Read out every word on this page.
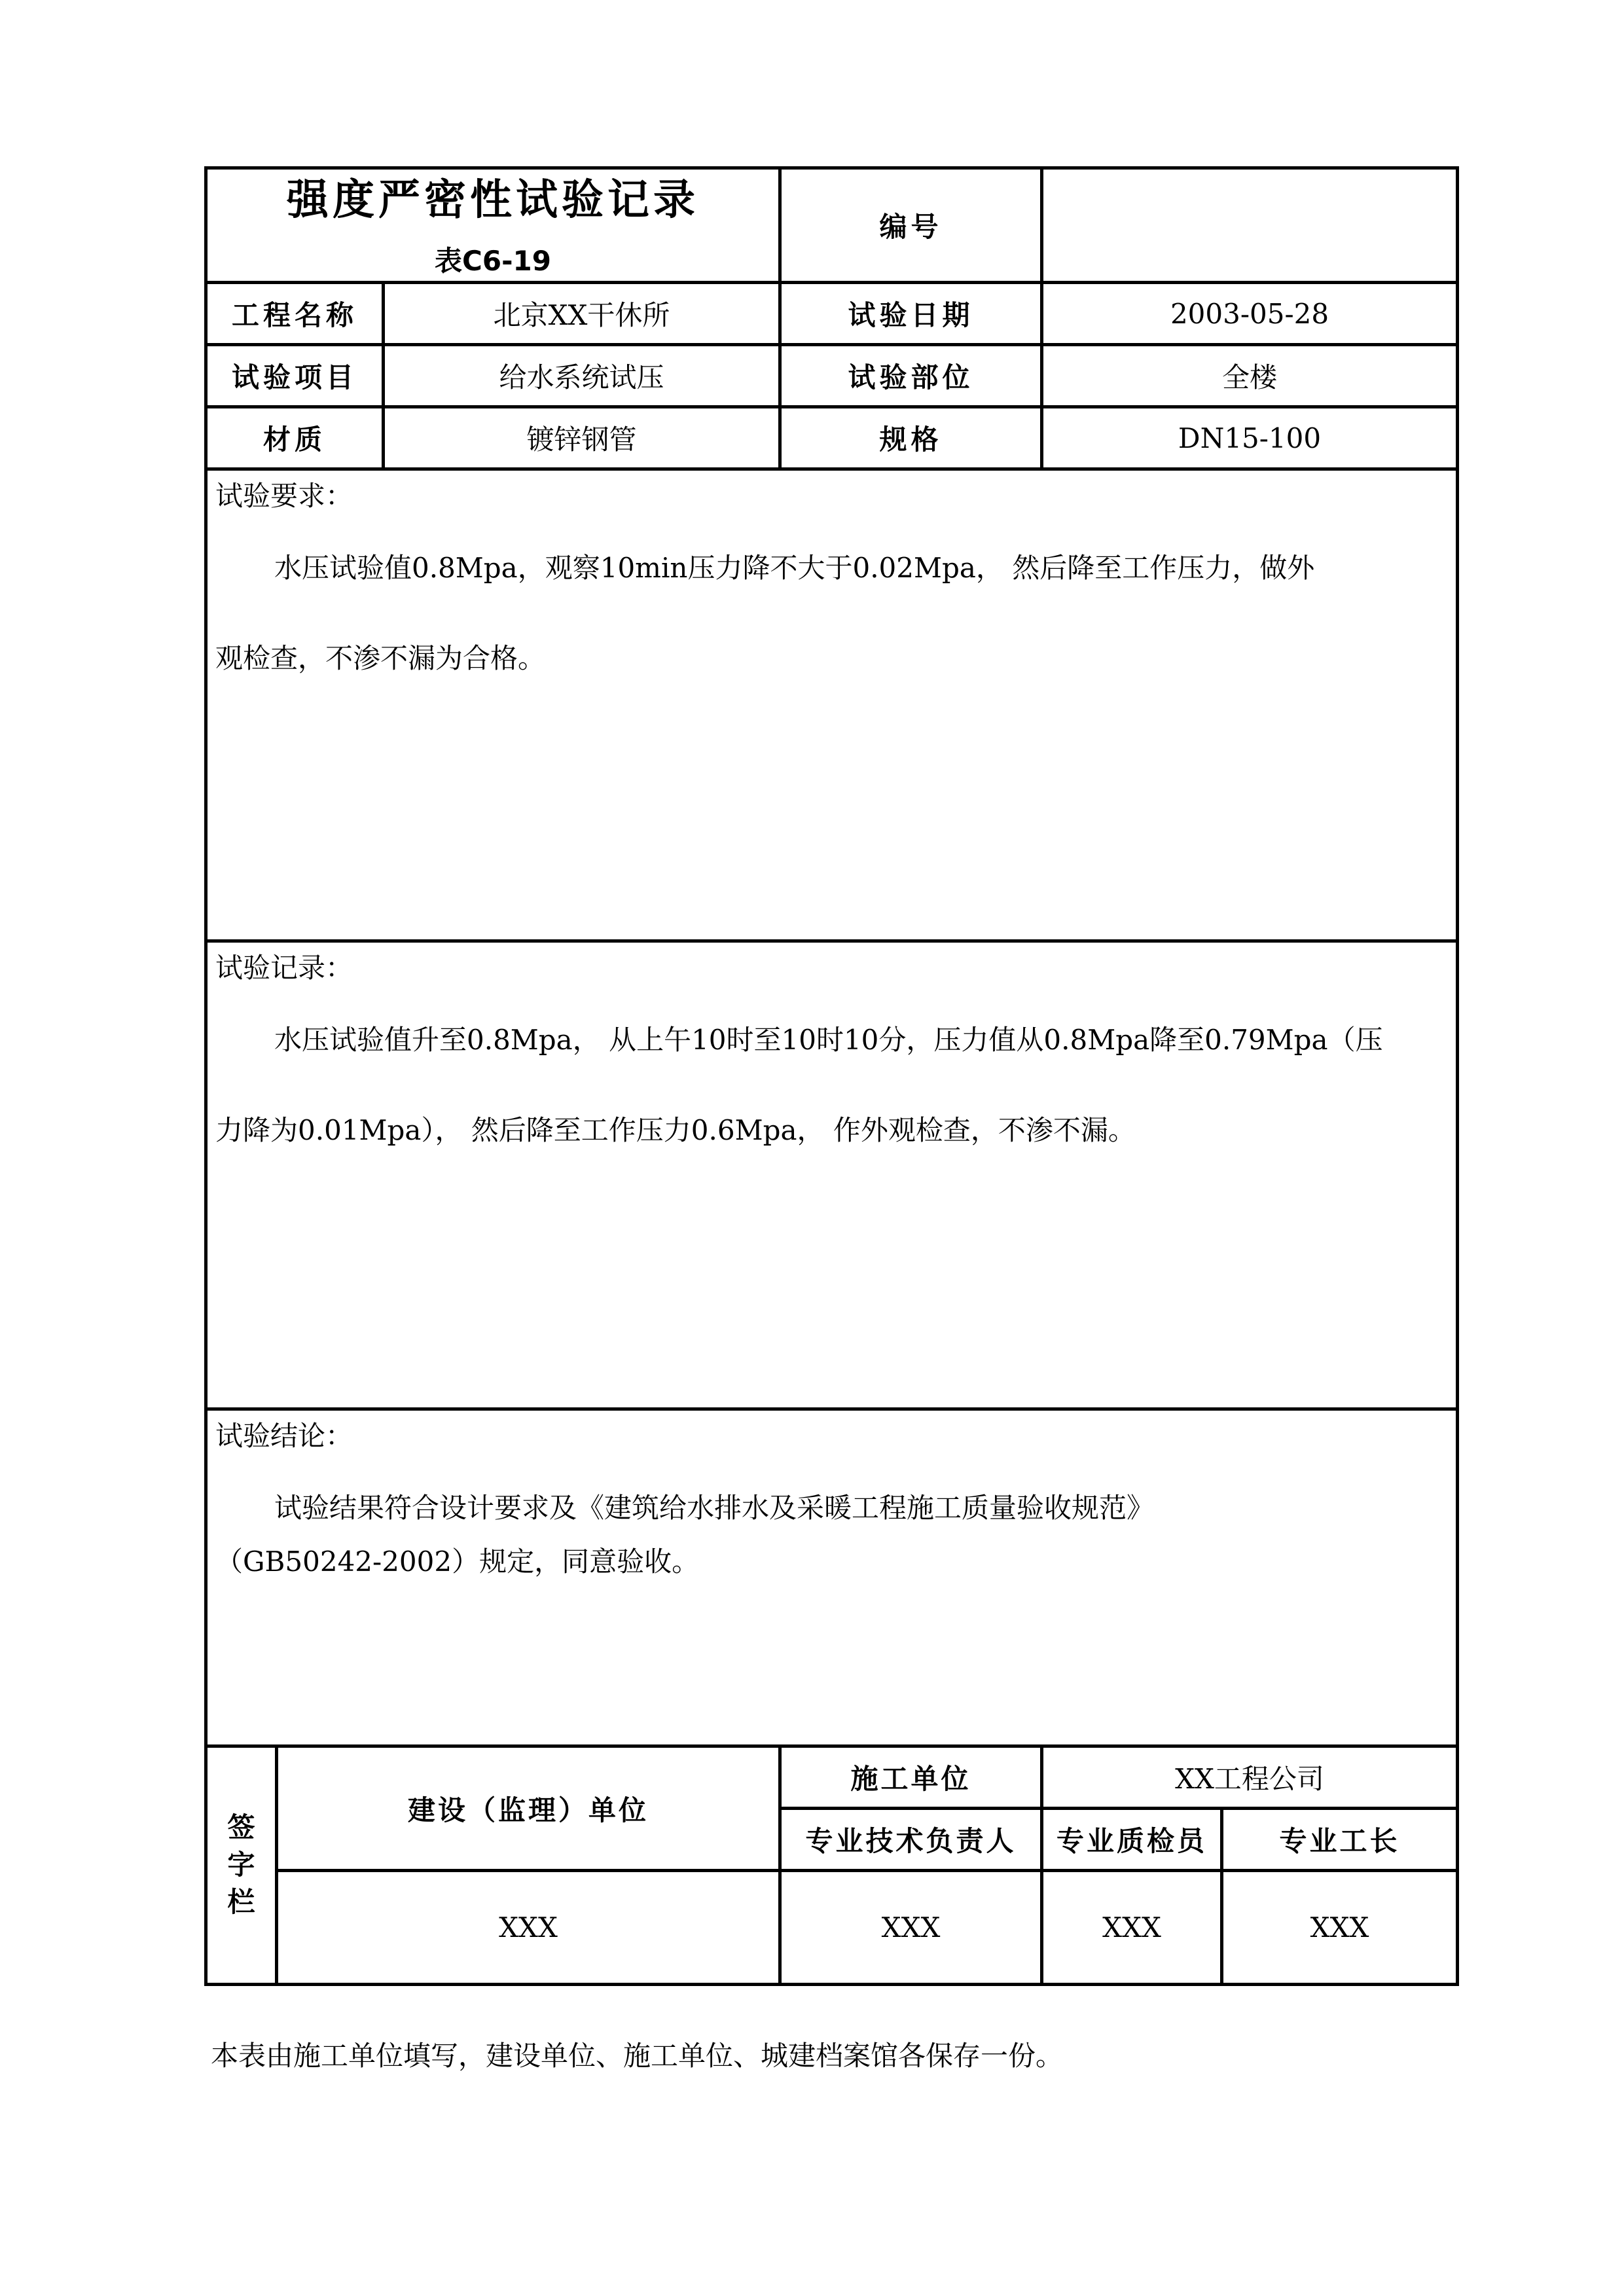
强度严密性试验记录
表C6-19			编号		
工程名称		北京XX干休所	试验日期	2003-05-28	
试验项目		给水系统试压	试验部位	全楼	
材质		镀锌钢管	规格	DN15-100	

试验要求：
水压试验值0.8Mpa，观察10min压力降不大于0.02Mpa， 然后降至工作压力，做外
观检查，不渗不漏为合格。					

试验记录：
水压试验值升至0.8Mpa， 从上午10时至10时10分，压力值从0.8Mpa降至0.79Mpa（压
力降为0.01Mpa）， 然后降至工作压力0.6Mpa， 作外观检查，不渗不漏。					

试验结论：
试验结果符合设计要求及《建筑给水排水及采暖工程施工质量验收规范》
（GB50242-2002）规定，同意验收。					

签
字
栏	建设（监理）单位		施工单位	XX工程公司	
			专业技术负责人	专业质检员	专业工长
	XXX		XXX	XXX	XXX
本表由施工单位填写，建设单位、施工单位、城建档案馆各保存一份。
